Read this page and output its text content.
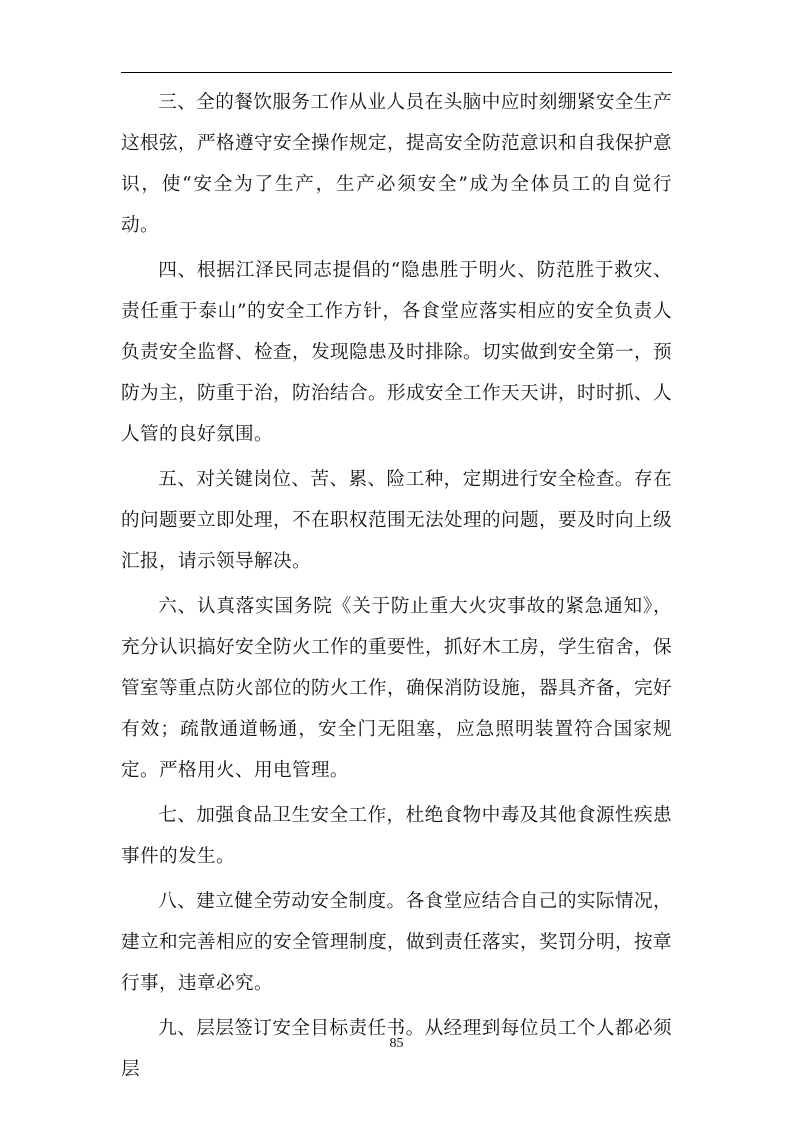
三、全的餐饮服务工作从业人员在头脑中应时刻绷紧安全生产这根弦，严格遵守安全操作规定，提高安全防范意识和自我保护意识，使“安全为了生产，生产必须安全”成为全体员工的自觉行动。

四、根据江泽民同志提倡的“隐患胜于明火、防范胜于救灾、责任重于泰山”的安全工作方针，各食堂应落实相应的安全负责人负责安全监督、检查，发现隐患及时排除。切实做到安全第一，预防为主，防重于治，防治结合。形成安全工作天天讲，时时抓、人人管的良好氛围。

五、对关键岗位、苦、累、险工种，定期进行安全检查。存在的问题要立即处理，不在职权范围无法处理的问题，要及时向上级汇报，请示领导解决。

六、认真落实国务院《关于防止重大火灾事故的紧急通知》，充分认识搞好安全防火工作的重要性，抓好木工房，学生宿舍，保管室等重点防火部位的防火工作，确保消防设施，器具齐备，完好有效；疏散通道畅通，安全门无阻塞，应急照明装置符合国家规定。严格用火、用电管理。

七、加强食品卫生安全工作，杜绝食物中毒及其他食源性疾患事件的发生。

八、建立健全劳动安全制度。各食堂应结合自己的实际情况，建立和完善相应的安全管理制度，做到责任落实，奖罚分明，按章行事，违章必究。

九、层层签订安全目标责任书。从经理到每位员工个人都必须层

85
